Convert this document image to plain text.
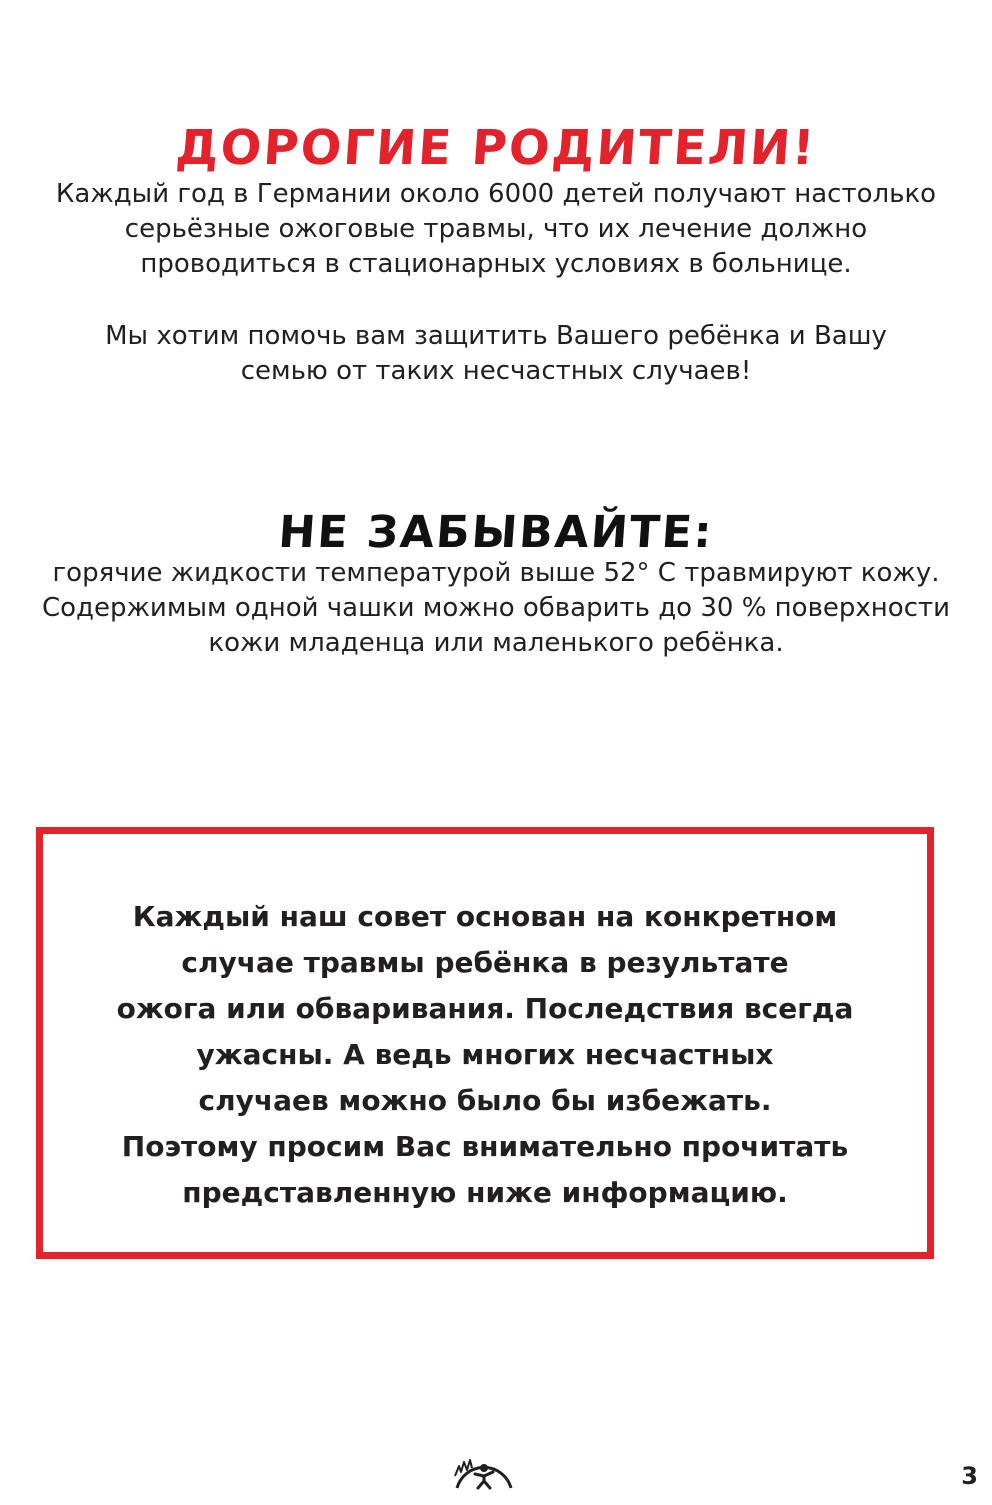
ДОРОГИЕ РОДИТЕЛИ!

Каждый год в Германии около 6000 детей получают настолько

серьёзные ожоговые травмы, что их лечение должно

проводиться в стационарных условиях в больнице.

Мы хотим помочь вам защитить Вашего ребёнка и Вашу

семью от таких несчастных случаев!

НЕ ЗАБЫВАЙТЕ:

горячие жидкости температурой выше 52° C травмируют кожу.

Содержимым одной чашки можно обварить до 30 % поверхности

кожи младенца или маленького ребёнка.

Каждый наш совет основан на конкретном

случае травмы ребёнка в результате

ожога или обваривания. Последствия всегда

ужасны. А ведь многих несчастных

случаев можно было бы избежать.

Поэтому просим Вас внимательно прочитать

представленную ниже информацию.

3
